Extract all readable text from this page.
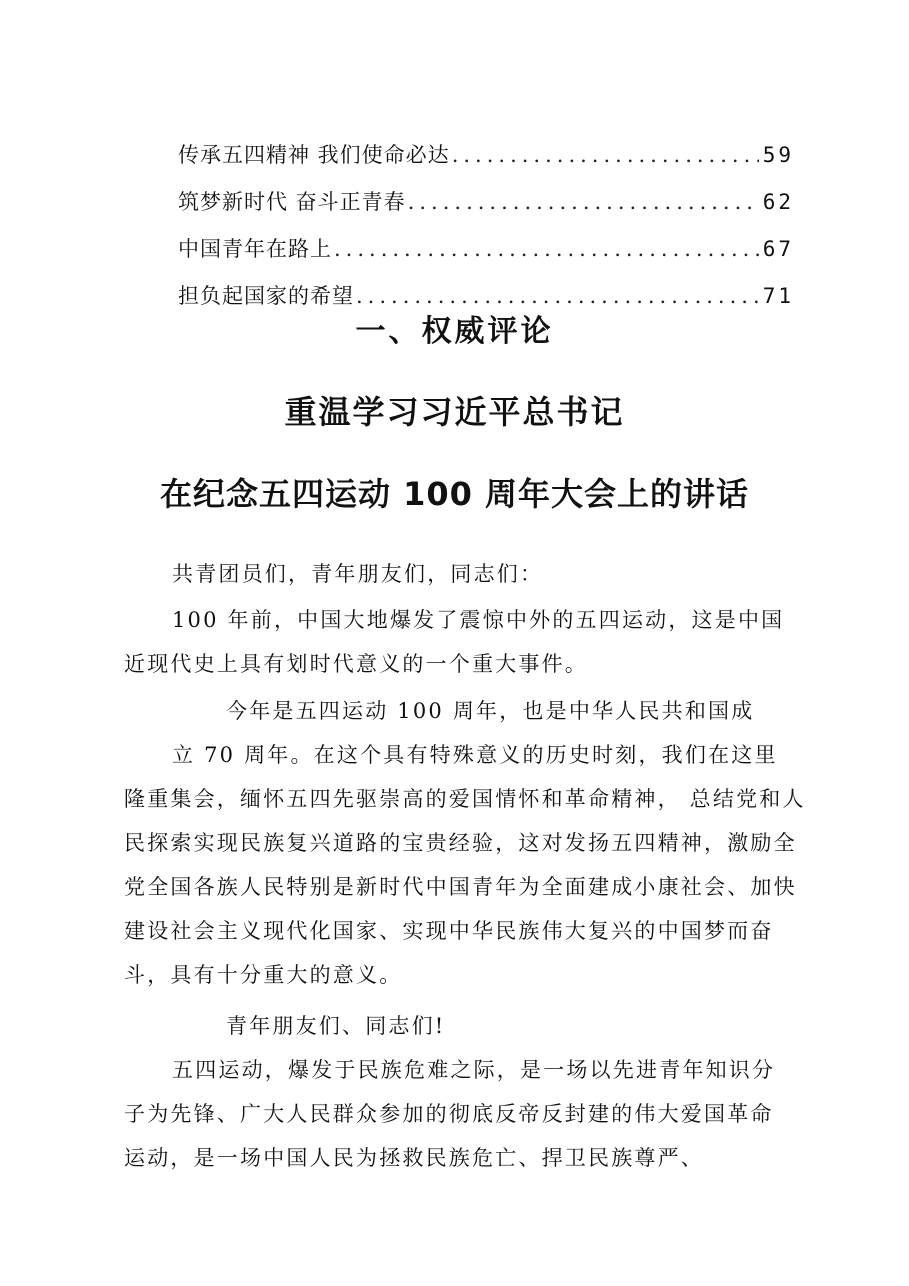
传承五四精神 我们使命必达 .....	59
筑梦新时代 奋斗正青春 .....	62
中国青年在路上 .....	67
担负起国家的希望 .....	71
一、权威评论
重温学习习近平总书记
在纪念五四运动 100 周年大会上的讲话

共青团员们，青年朋友们，同志们：

100 年前，中国大地爆发了震惊中外的五四运动，这是中国近现代史上具有划时代意义的一个重大事件。

今年是五四运动 100 周年，也是中华人民共和国成
立 70 周年。在这个具有特殊意义的历史时刻，我们在这里
隆重集会，缅怀五四先驱崇高的爱国情怀和革命精神， 总结党和人民探索实现民族复兴道路的宝贵经验，这对发扬五四精神，激励全党全国各族人民特别是新时代中国青年为全面建成小康社会、加快建设社会主义现代化国家、实现中华民族伟大复兴的中国梦而奋斗，具有十分重大的意义。

青年朋友们、同志们!

五四运动，爆发于民族危难之际，是一场以先进青年知识分子为先锋、广大人民群众参加的彻底反帝反封建的伟大爱国革命运动，是一场中国人民为拯救民族危亡、捍卫民族尊严、
